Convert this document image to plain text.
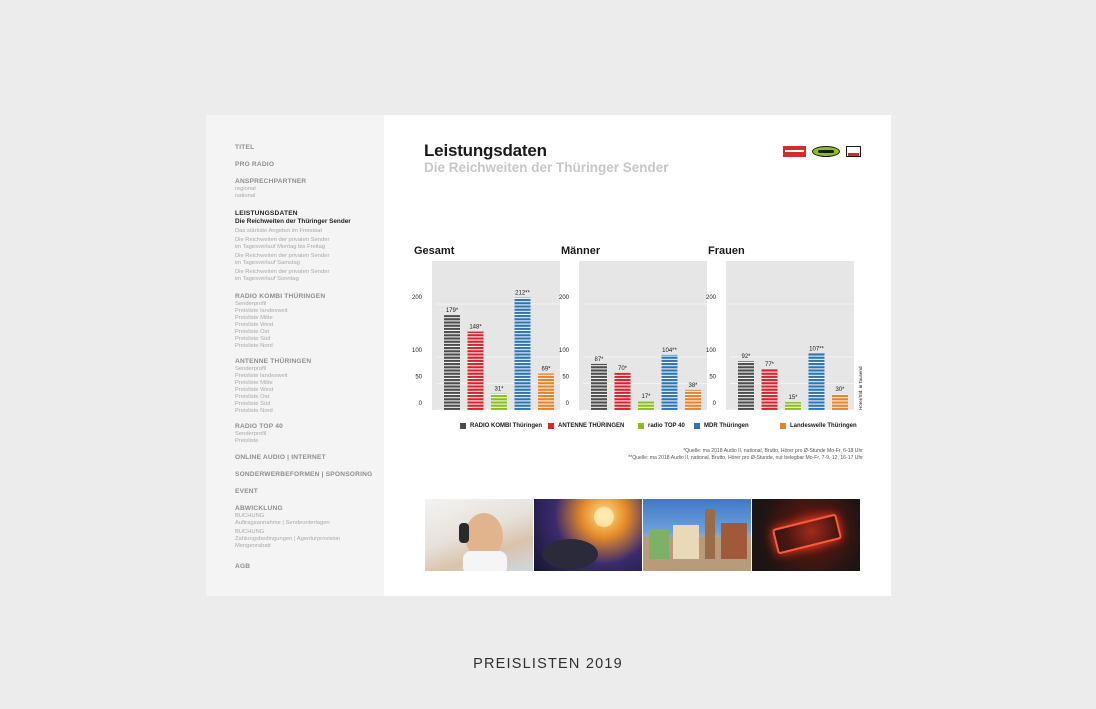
TITEL
PRO RADIO
ANSPRECHPARTNER
regional
national
LEISTUNGSDATEN
Die Reichweiten der Thüringer Sender
Das stärkste Angebot im Freistaat
Die Reichweiten der privaten Sender
im Tagesverlauf Montag bis Freitag
Die Reichweiten der privaten Sender
im Tagesverlauf Samstag
Die Reichweiten der privaten Sender
im Tagesverlauf Sonntag
RADIO KOMBI THÜRINGEN
Senderprofil
Preisliste landesweit
Preisliste Mitte
Preisliste West
Preisliste Ost
Preisliste Süd
Preisliste Nord
ANTENNE THÜRINGEN
Senderprofil
Preisliste landesweit
Preisliste Mitte
Preisliste West
Preisliste Ost
Preisliste Süd
Preisliste Nord
RADIO TOP 40
Senderprofil
Preisliste
ONLINE AUDIO | INTERNET
SONDERWERBEFORMEN | SPONSORING
EVENT
ABWICKLUNG
BUCHUNG
Auftragsannahme | Sendeunterlagen
BUCHUNG
Zahlungsbedingungen | Agenturprovision
Mengenrabatt
AGB
Leistungsdaten
Die Reichweiten der Thüringer Sender
Gesamt
0
50
100
200
179*
148*
31*
212**
69*
Männer
0
50
100
200
87*
70*
17*
104**
38*
Frauen
0
50
100
200
92*
77*
15*
107**
30*	Hörer/Std. in Tausend
RADIO KOMBI Thüringen	ANTENNE THÜRINGEN	radio TOP 40	MDR Thüringen	Landeswelle Thüringen
*Quelle: ma 2018 Audio II, national, Brutto, Hörer pro Ø-Stunde Mo-Fr, 6-18 Uhr
**Quelle: ma 2018 Audio II, national, Brutto, Hörer pro Ø-Stunde, nur belegbar Mo-Fr, 7-9, 12, 16-17 Uhr
PREISLISTEN 2019
